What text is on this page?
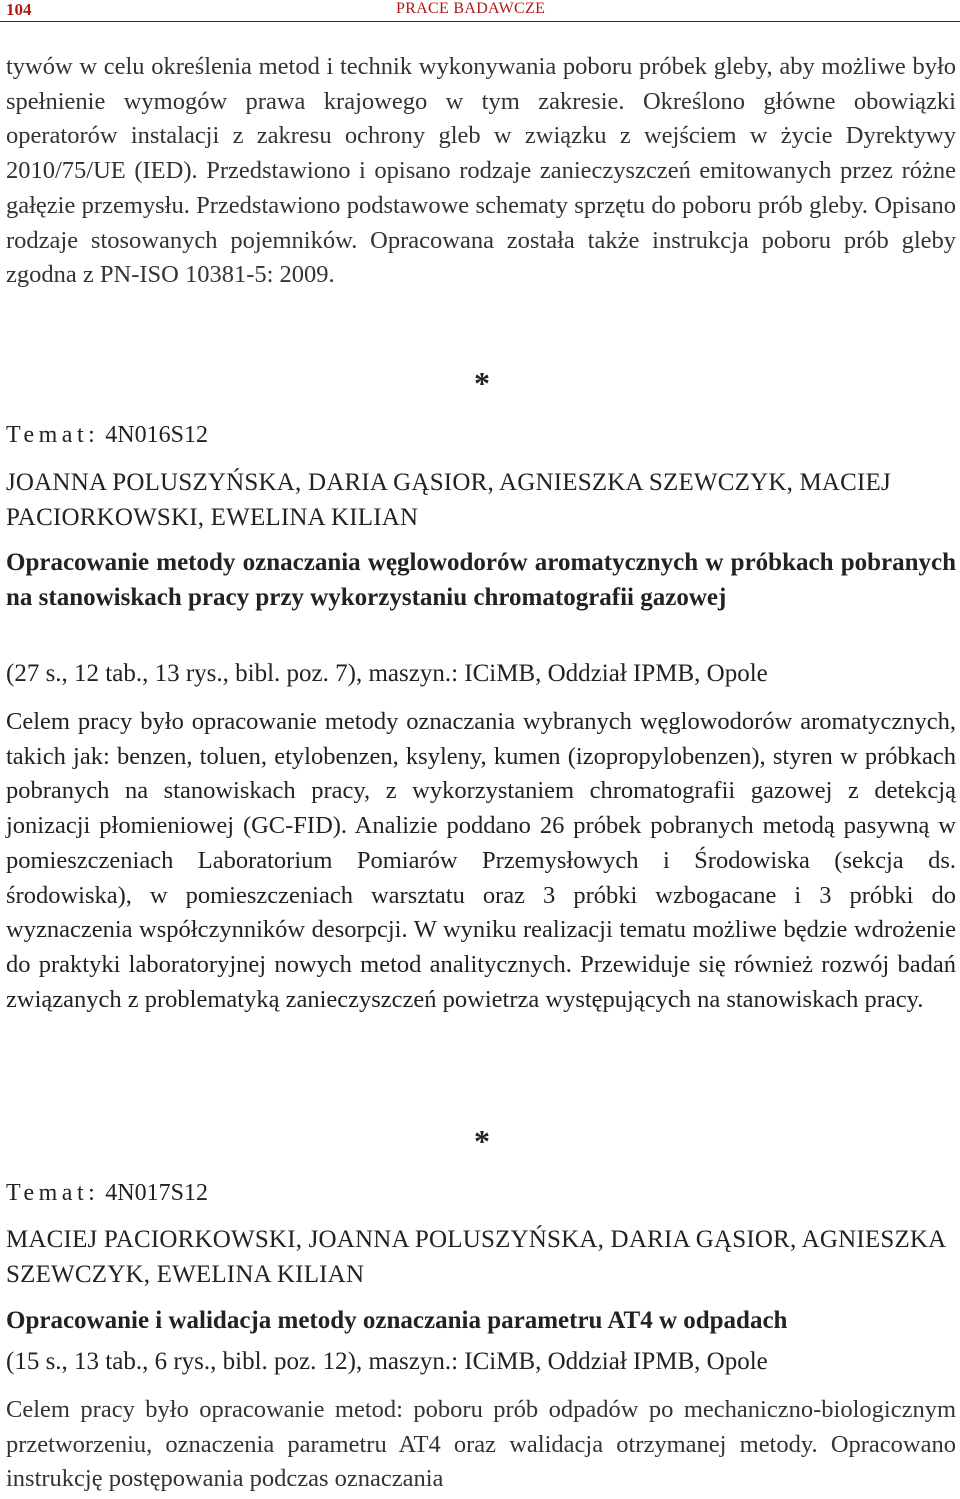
104	PRACE BADAWCZE

tywów w celu określenia metod i technik wykonywania poboru próbek gleby, aby możliwe było spełnienie wymogów prawa krajowego w tym zakresie. Określono główne obowiązki operatorów instalacji z zakresu ochrony gleb w związku z wejściem w życie Dyrektywy 2010/75/UE (IED). Przedstawiono i opisano rodzaje zanieczyszczeń emitowanych przez różne gałęzie przemysłu. Przedstawiono podstawowe schematy sprzętu do poboru prób gleby. Opisano rodzaje stosowanych pojemników. Opracowana została także instrukcja poboru prób gleby zgodna z PN-ISO 10381-5: 2009.

*
Temat: 4N016S12

JOANNA POLUSZYŃSKA, DARIA GĄSIOR, AGNIESZKA SZEWCZYK, MACIEJ PACIORKOWSKI, EWELINA KILIAN

Opracowanie metody oznaczania węglowodorów aromatycznych w próbkach pobranych na stanowiskach pracy przy wykorzystaniu chromatografii gazowej

(27 s., 12 tab., 13 rys., bibl. poz. 7), maszyn.: ICiMB, Oddział IPMB, Opole

Celem pracy było opracowanie metody oznaczania wybranych węglowodorów aromatycznych, takich jak: benzen, toluen, etylobenzen, ksyleny, kumen (izopropylobenzen), styren w próbkach pobranych na stanowiskach pracy, z wykorzystaniem chromatografii gazowej z detekcją jonizacji płomieniowej (GC-FID). Analizie poddano 26 próbek pobranych metodą pasywną w pomieszczeniach Laboratorium Pomiarów Przemysłowych i Środowiska (sekcja ds. środowiska), w pomieszczeniach warsztatu oraz 3 próbki wzbogacane i 3 próbki do wyznaczenia współczynników desorpcji. W wyniku realizacji tematu możliwe będzie wdrożenie do praktyki laboratoryjnej nowych metod analitycznych. Przewiduje się również rozwój badań związanych z problematyką zanieczyszczeń powietrza występujących na stanowiskach pracy.

*
Temat: 4N017S12

MACIEJ PACIORKOWSKI, JOANNA POLUSZYŃSKA, DARIA GĄSIOR, AGNIESZKA SZEWCZYK, EWELINA KILIAN

Opracowanie i walidacja metody oznaczania parametru AT4 w odpadach

(15 s., 13 tab., 6 rys., bibl. poz. 12), maszyn.: ICiMB, Oddział IPMB, Opole

Celem pracy było opracowanie metod: poboru prób odpadów po mechaniczno-biologicznym przetworzeniu, oznaczenia parametru AT4 oraz walidacja otrzymanej metody. Opracowano instrukcję postępowania podczas oznaczania
